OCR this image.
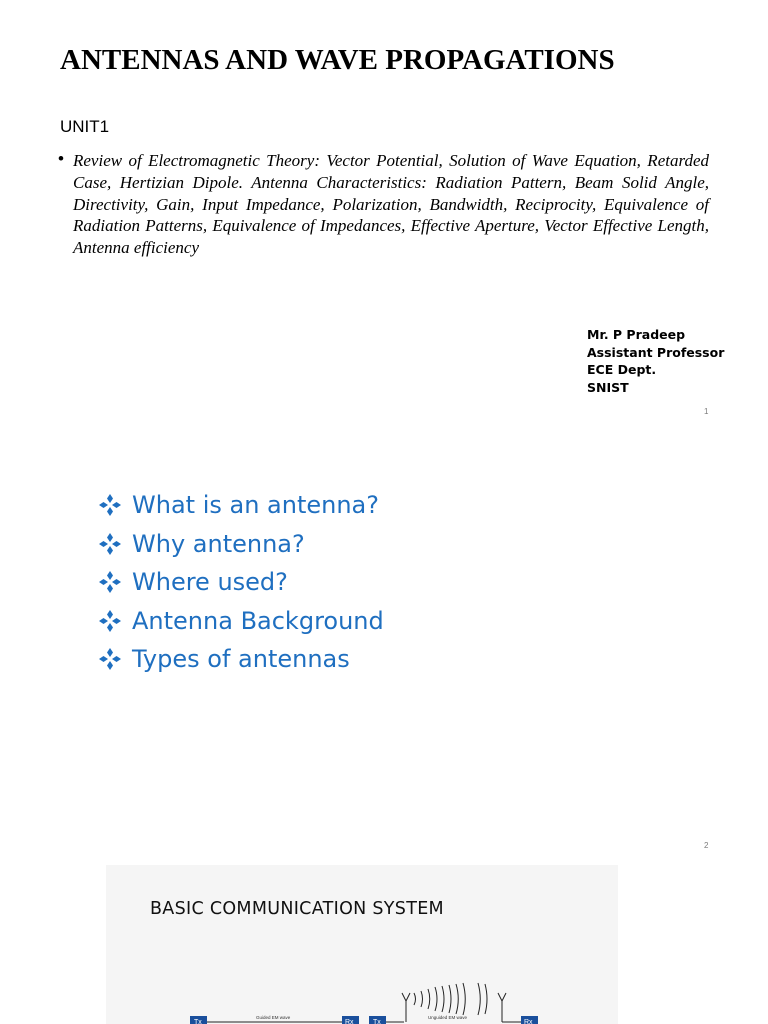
ANTENNAS AND WAVE PROPAGATIONS
UNIT1
• Review of Electromagnetic Theory: Vector Potential, Solution of Wave Equation, Retarded Case, Hertizian Dipole. Antenna Characteristics: Radiation Pattern, Beam Solid Angle, Directivity, Gain, Input Impedance, Polarization, Bandwidth, Reciprocity, Equivalence of Radiation Patterns, Equivalence of Impedances, Effective Aperture, Vector Effective Length, Antenna efficiency
Mr. P Pradeep
Assistant Professor
ECE Dept.
SNIST
1
What is an antenna?
Why antenna?
Where used?
Antenna Background
Types of antennas
2
BASIC COMMUNICATION SYSTEM
Guided EM wave
Tx	Rx	Tx
Unguided EM wave
Rx
